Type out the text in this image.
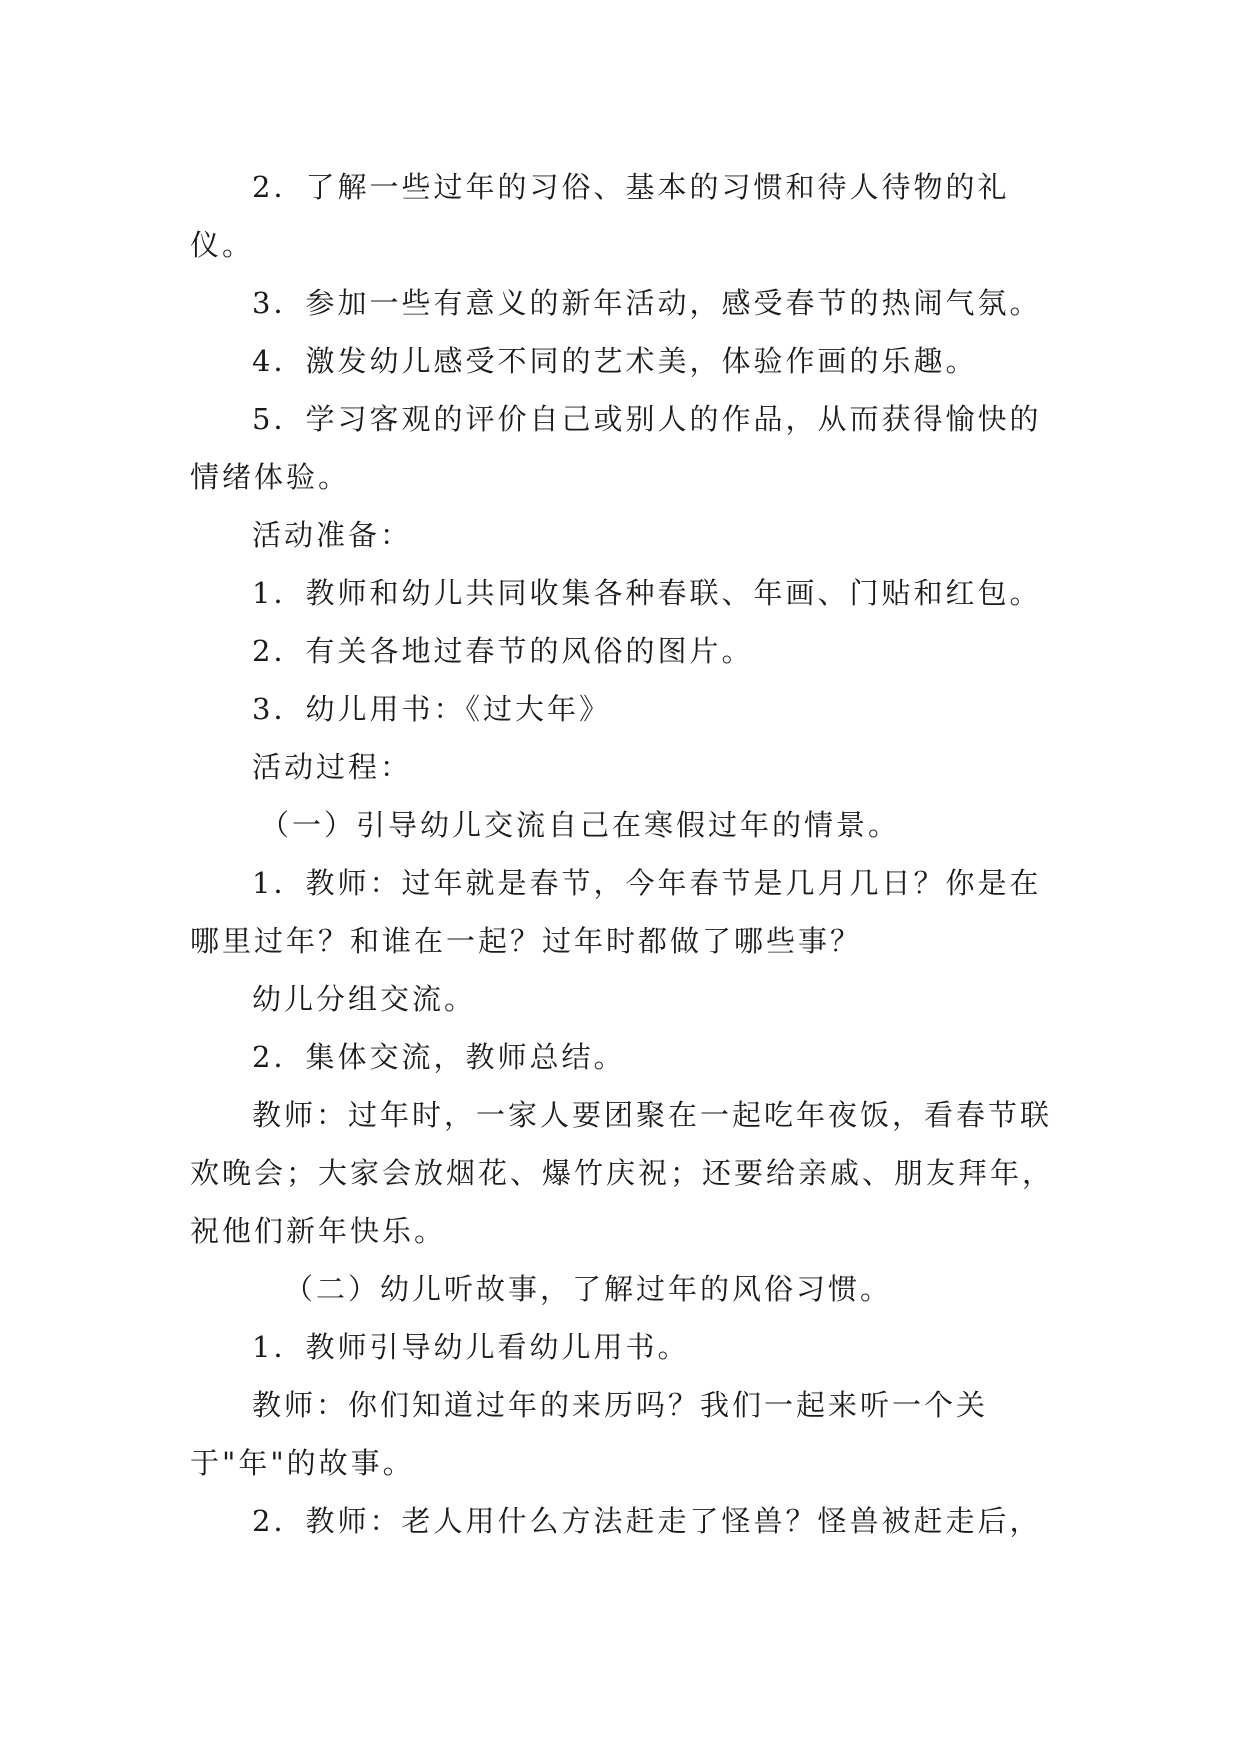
2．了解一些过年的习俗、基本的习惯和待人待物的礼仪。

3．参加一些有意义的新年活动，感受春节的热闹气氛。

4．激发幼儿感受不同的艺术美，体验作画的乐趣。

5．学习客观的评价自己或别人的作品，从而获得愉快的情绪体验。

活动准备：

1．教师和幼儿共同收集各种春联、年画、门贴和红包。

2．有关各地过春节的风俗的图片。

3．幼儿用书：《过大年》

活动过程：

（一）引导幼儿交流自己在寒假过年的情景。

1．教师：过年就是春节，今年春节是几月几日？你是在哪里过年？和谁在一起？过年时都做了哪些事？

幼儿分组交流。

2．集体交流，教师总结。

教师：过年时，一家人要团聚在一起吃年夜饭，看春节联欢晚会；大家会放烟花、爆竹庆祝；还要给亲戚、朋友拜年，祝他们新年快乐。

（二）幼儿听故事，了解过年的风俗习惯。

1．教师引导幼儿看幼儿用书。

教师：你们知道过年的来历吗？我们一起来听一个关于"年"的故事。

2．教师：老人用什么方法赶走了怪兽？怪兽被赶走后，
